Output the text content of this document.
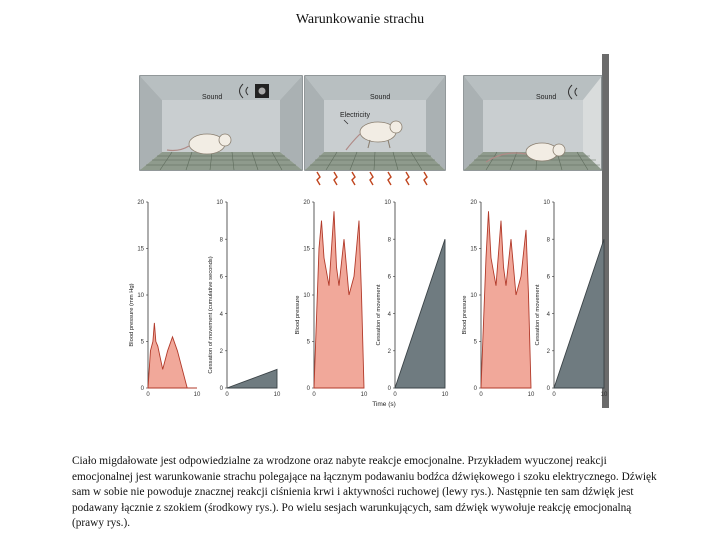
Warunkowanie strachu
Sound	Sound
Electricity
Sound
0
5
10
15
20
0	10
Blood pressure (mm Hg)
0
2
4
6
8
10
0	10
Cessation of movement (cumulative seconds)
0
5
10
15
20
0	10
Blood pressure
0
2
4
6
8
10
0	10
Cessation of movement
0
5
10
15
20
0	10
Blood pressure
0
2
4
6
8
10
0	10
Cessation of movement
Time (s)
Ciało migdałowate jest odpowiedzialne za wrodzone oraz nabyte reakcje emocjonalne. Przykładem wyuczonej reakcji emocjonalnej jest warunkowanie strachu polegające na łącznym podawaniu bodźca dźwiękowego i szoku elektrycznego. Dźwięk sam w sobie nie powoduje znacznej reakcji ciśnienia krwi i aktywności ruchowej (lewy rys.). Następnie ten sam dźwięk jest podawany łącznie z szokiem (środkowy rys.). Po wielu sesjach warunkujących, sam dźwięk wywołuje reakcję emocjonalną (prawy rys.).
